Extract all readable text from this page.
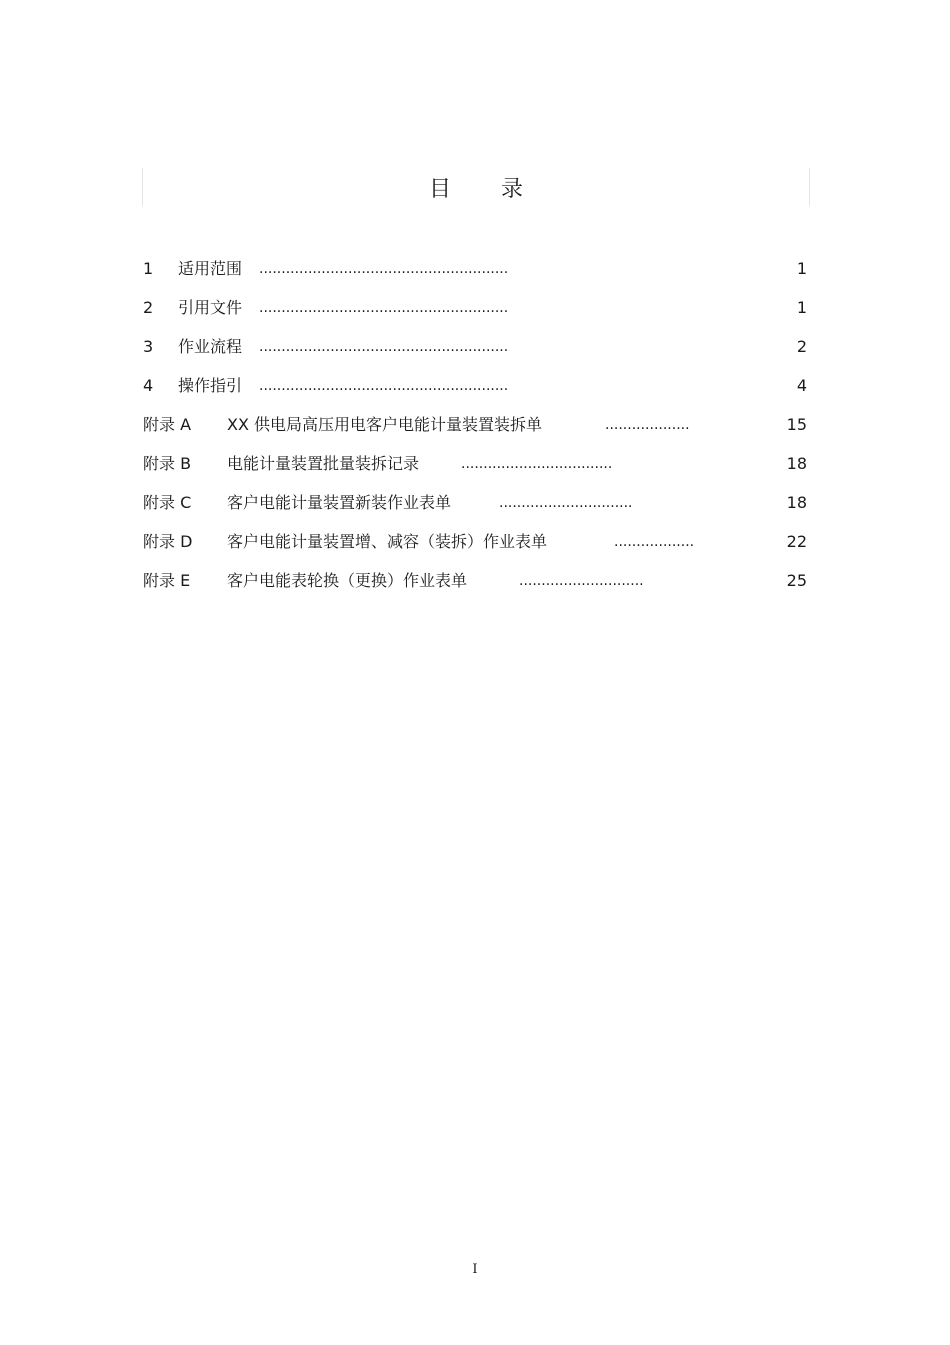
目 录
1 适用范围 ........................................................	1
2 引用文件 ........................................................	1
3 作业流程 ........................................................	2
4 操作指引 ........................................................	4
附录 A XX 供电局高压用电客户电能计量装置装拆单	...................	15
附录 B 电能计量装置批量装拆记录	..................................	18
附录 C 客户电能计量装置新装作业表单	..............................	18
附录 D 客户电能计量装置增、减容（装拆）作业表单	..................	22
附录 E 客户电能表轮换（更换）作业表单	............................	25
I
